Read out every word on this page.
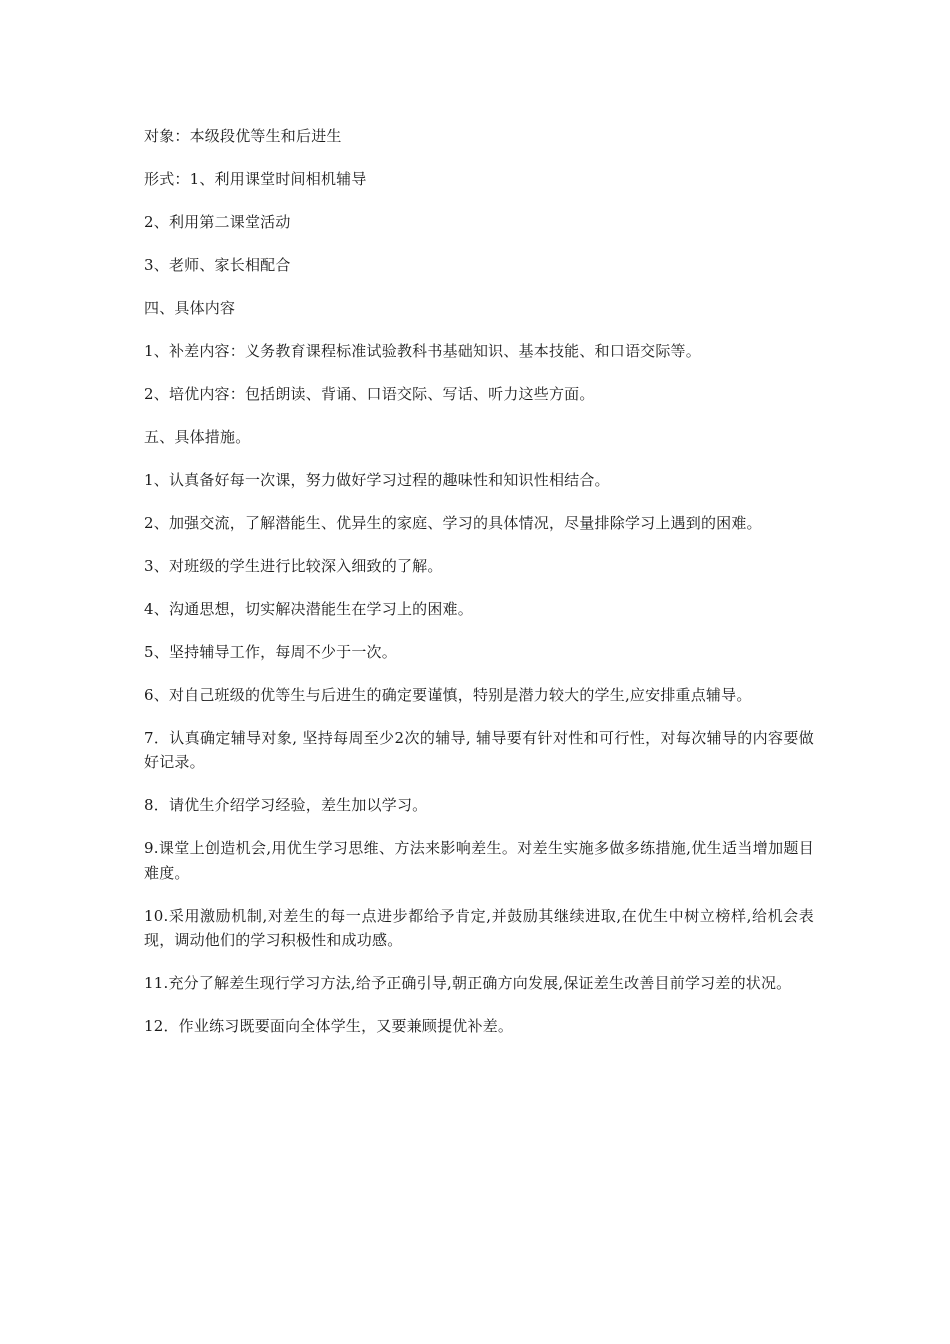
对象：本级段优等生和后进生

形式：1、利用课堂时间相机辅导

2、利用第二课堂活动

3、老师、家长相配合

四、具体内容

1、补差内容：义务教育课程标准试验教科书基础知识、基本技能、和口语交际等。

2、培优内容：包括朗读、背诵、口语交际、写话、听力这些方面。

五、具体措施。

1、认真备好每一次课，努力做好学习过程的趣味性和知识性相结合。

2、加强交流，了解潜能生、优异生的家庭、学习的具体情况，尽量排除学习上遇到的困难。

3、对班级的学生进行比较深入细致的了解。

4、沟通思想，切实解决潜能生在学习上的困难。

5、坚持辅导工作，每周不少于一次。

6、对自己班级的优等生与后进生的确定要谨慎，特别是潜力较大的学生,应安排重点辅导。

7．认真确定辅导对象, 坚持每周至少2次的辅导, 辅导要有针对性和可行性，对每次辅导的内容要做好记录。

8．请优生介绍学习经验，差生加以学习。

9.课堂上创造机会,用优生学习思维、方法来影响差生。对差生实施多做多练措施,优生适当增加题目难度。

10.采用激励机制,对差生的每一点进步都给予肯定,并鼓励其继续进取,在优生中树立榜样,给机会表现，调动他们的学习积极性和成功感。

11.充分了解差生现行学习方法,给予正确引导,朝正确方向发展,保证差生改善目前学习差的状况。

12．作业练习既要面向全体学生，又要兼顾提优补差。
